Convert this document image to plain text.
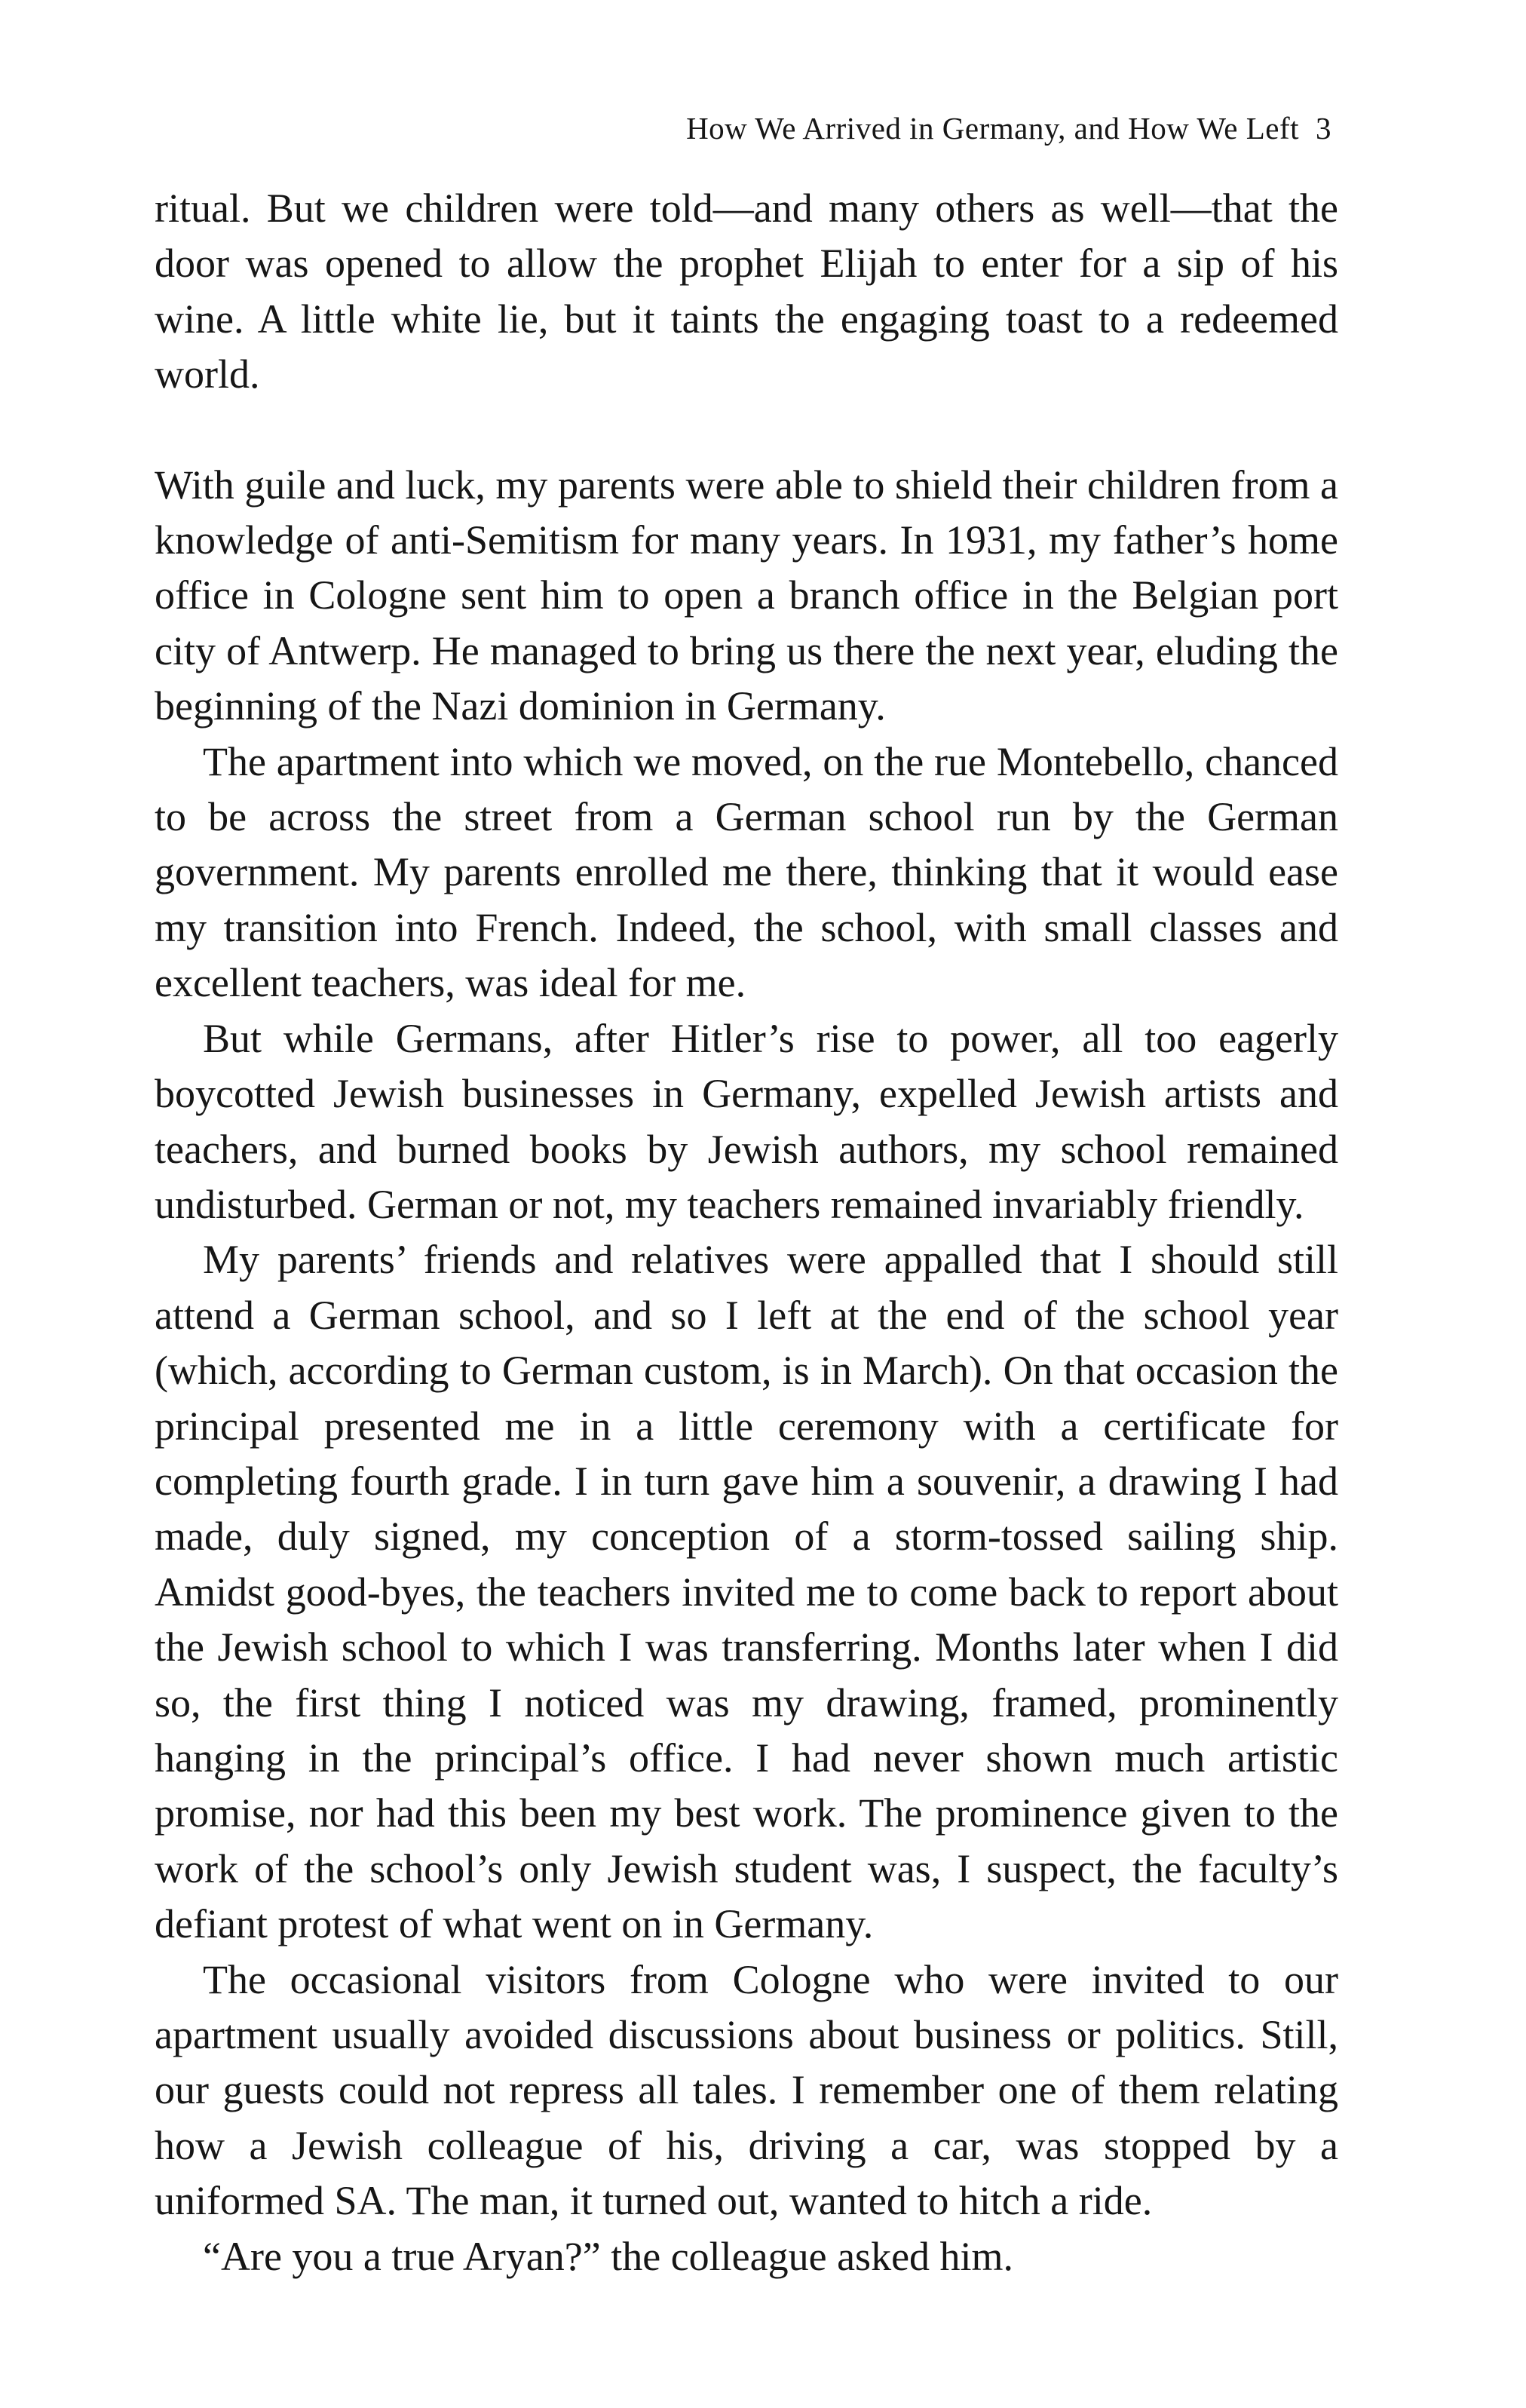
How We Arrived in Germany, and How We Left 3

ritual. But we children were told—and many others as well—that the door was opened to allow the prophet Elijah to enter for a sip of his wine. A little white lie, but it taints the engaging toast to a redeemed world.

With guile and luck, my parents were able to shield their children from a knowledge of anti-Semitism for many years. In 1931, my father’s home office in Cologne sent him to open a branch office in the Belgian port city of Antwerp. He managed to bring us there the next year, eluding the beginning of the Nazi dominion in Germany.

The apartment into which we moved, on the rue Montebello, chanced to be across the street from a German school run by the German government. My parents enrolled me there, thinking that it would ease my transition into French. Indeed, the school, with small classes and excellent teachers, was ideal for me.

But while Germans, after Hitler’s rise to power, all too eagerly boycotted Jewish businesses in Germany, expelled Jewish artists and teachers, and burned books by Jewish authors, my school remained undisturbed. German or not, my teachers remained invariably friendly.

My parents’ friends and relatives were appalled that I should still attend a German school, and so I left at the end of the school year (which, according to German custom, is in March). On that occasion the principal presented me in a little ceremony with a certificate for completing fourth grade. I in turn gave him a souvenir, a drawing I had made, duly signed, my conception of a storm-tossed sailing ship. Amidst good-byes, the teachers invited me to come back to report about the Jewish school to which I was transferring. Months later when I did so, the first thing I noticed was my drawing, framed, prominently hanging in the principal’s office. I had never shown much artistic promise, nor had this been my best work. The prominence given to the work of the school’s only Jewish student was, I suspect, the faculty’s defiant protest of what went on in Germany.

The occasional visitors from Cologne who were invited to our apartment usually avoided discussions about business or politics. Still, our guests could not repress all tales. I remember one of them relating how a Jewish colleague of his, driving a car, was stopped by a uniformed SA. The man, it turned out, wanted to hitch a ride.

“Are you a true Aryan?” the colleague asked him.
